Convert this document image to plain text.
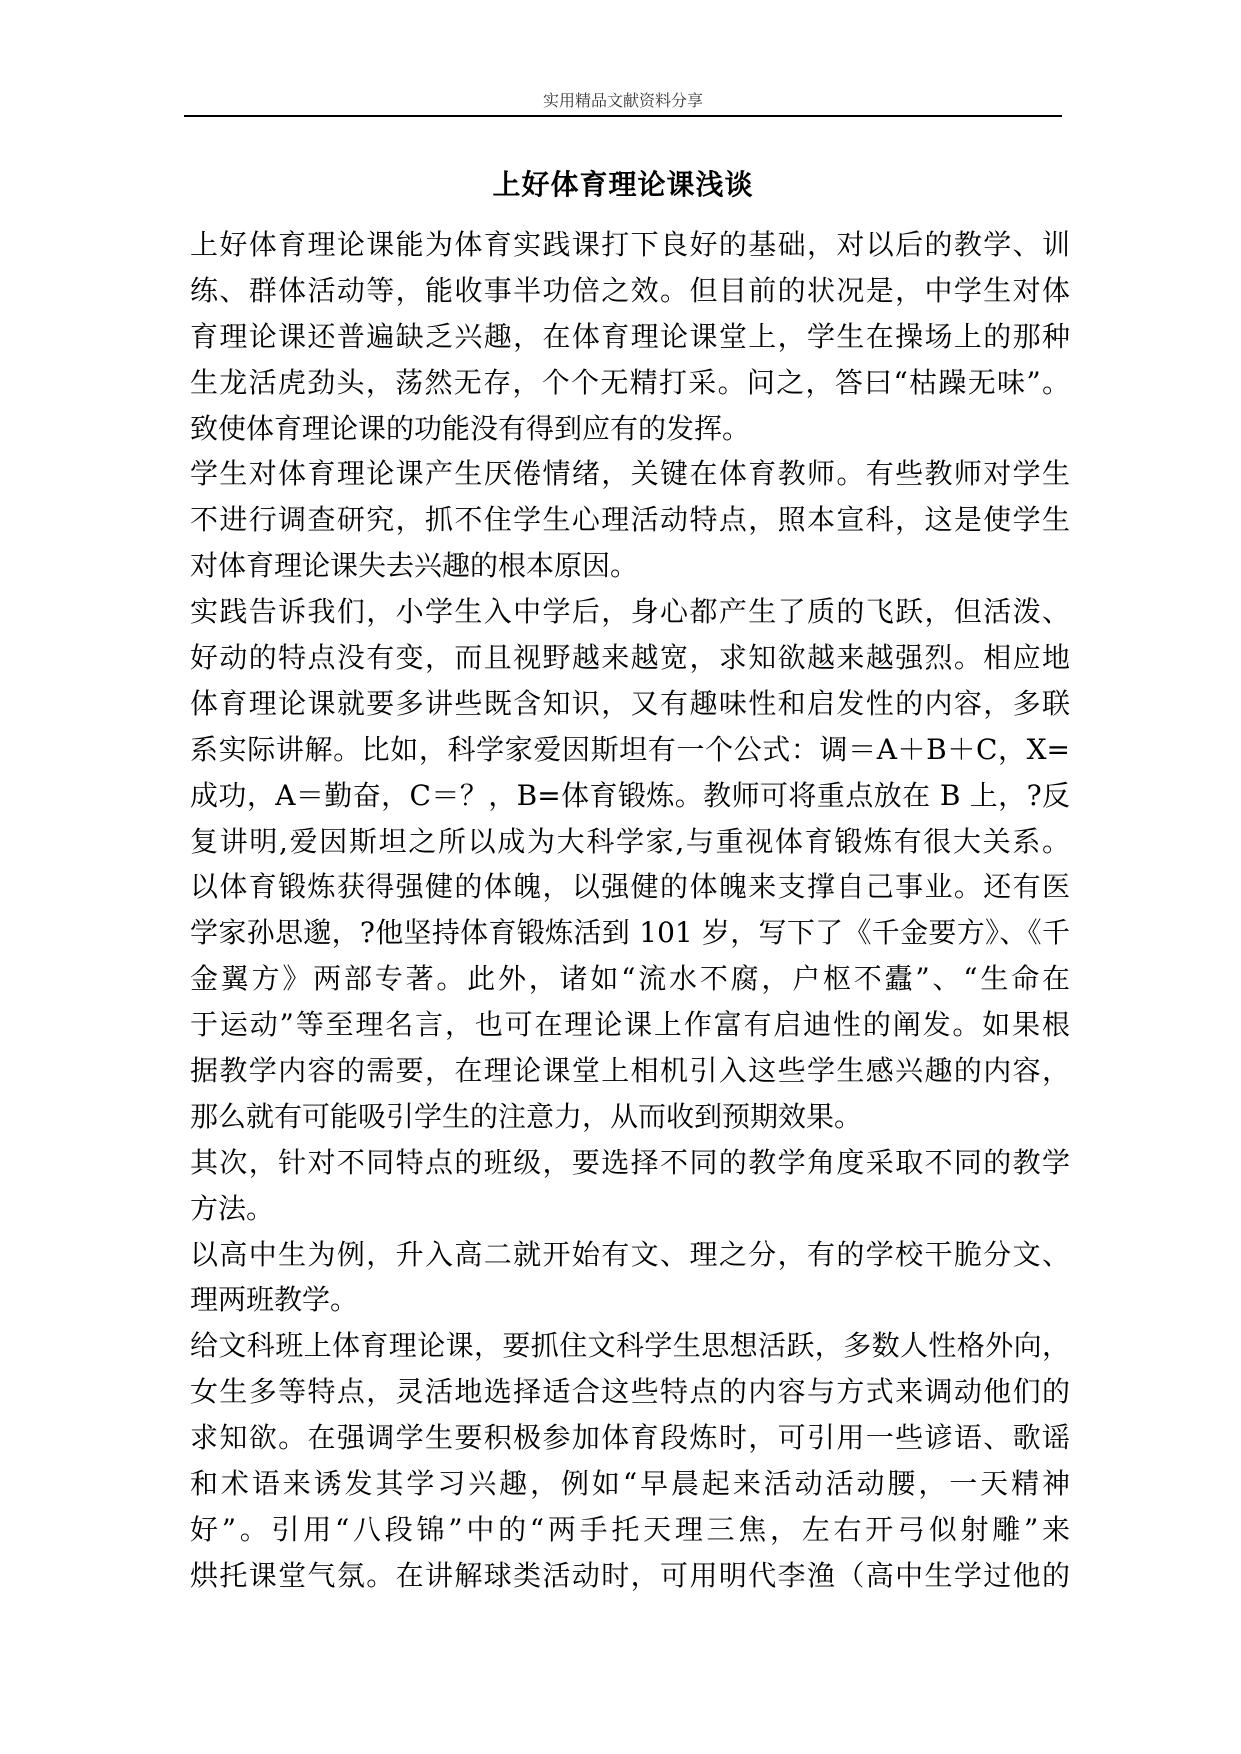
实用精品文献资料分享
上好体育理论课浅谈
上好体育理论课能为体育实践课打下良好的基础，对以后的教学、训
练、群体活动等，能收事半功倍之效。但目前的状况是，中学生对体
育理论课还普遍缺乏兴趣，在体育理论课堂上，学生在操场上的那种
生龙活虎劲头，荡然无存，个个无精打采。问之，答曰“枯躁无味”。
致使体育理论课的功能没有得到应有的发挥。
学生对体育理论课产生厌倦情绪，关键在体育教师。有些教师对学生
不进行调查研究，抓不住学生心理活动特点，照本宣科，这是使学生
对体育理论课失去兴趣的根本原因。
实践告诉我们，小学生入中学后，身心都产生了质的飞跃，但活泼、
好动的特点没有变，而且视野越来越宽，求知欲越来越强烈。相应地
体育理论课就要多讲些既含知识，又有趣味性和启发性的内容，多联
系实际讲解。比如，科学家爱因斯坦有一个公式：调＝A＋B＋C，X=
成功，A＝勤奋，C＝？，B=体育锻炼。教师可将重点放在 B 上，?反
复讲明,爱因斯坦之所以成为大科学家,与重视体育锻炼有很大关系。
以体育锻炼获得强健的体魄，以强健的体魄来支撑自己事业。还有医
学家孙思邈，?他坚持体育锻炼活到 101 岁，写下了《千金要方》、《千
金翼方》两部专著。此外，诸如“流水不腐，户枢不蠹”、“生命在
于运动”等至理名言，也可在理论课上作富有启迪性的阐发。如果根
据教学内容的需要，在理论课堂上相机引入这些学生感兴趣的内容，
那么就有可能吸引学生的注意力，从而收到预期效果。
其次，针对不同特点的班级，要选择不同的教学角度采取不同的教学
方法。
以高中生为例，升入高二就开始有文、理之分，有的学校干脆分文、
理两班教学。
给文科班上体育理论课，要抓住文科学生思想活跃，多数人性格外向，
女生多等特点，灵活地选择适合这些特点的内容与方式来调动他们的
求知欲。在强调学生要积极参加体育段炼时，可引用一些谚语、歌谣
和术语来诱发其学习兴趣，例如“早晨起来活动活动腰，一天精神
好”。引用“八段锦”中的“两手托天理三焦，左右开弓似射雕”来
烘托课堂气氛。在讲解球类活动时，可用明代李渔（高中生学过他的
